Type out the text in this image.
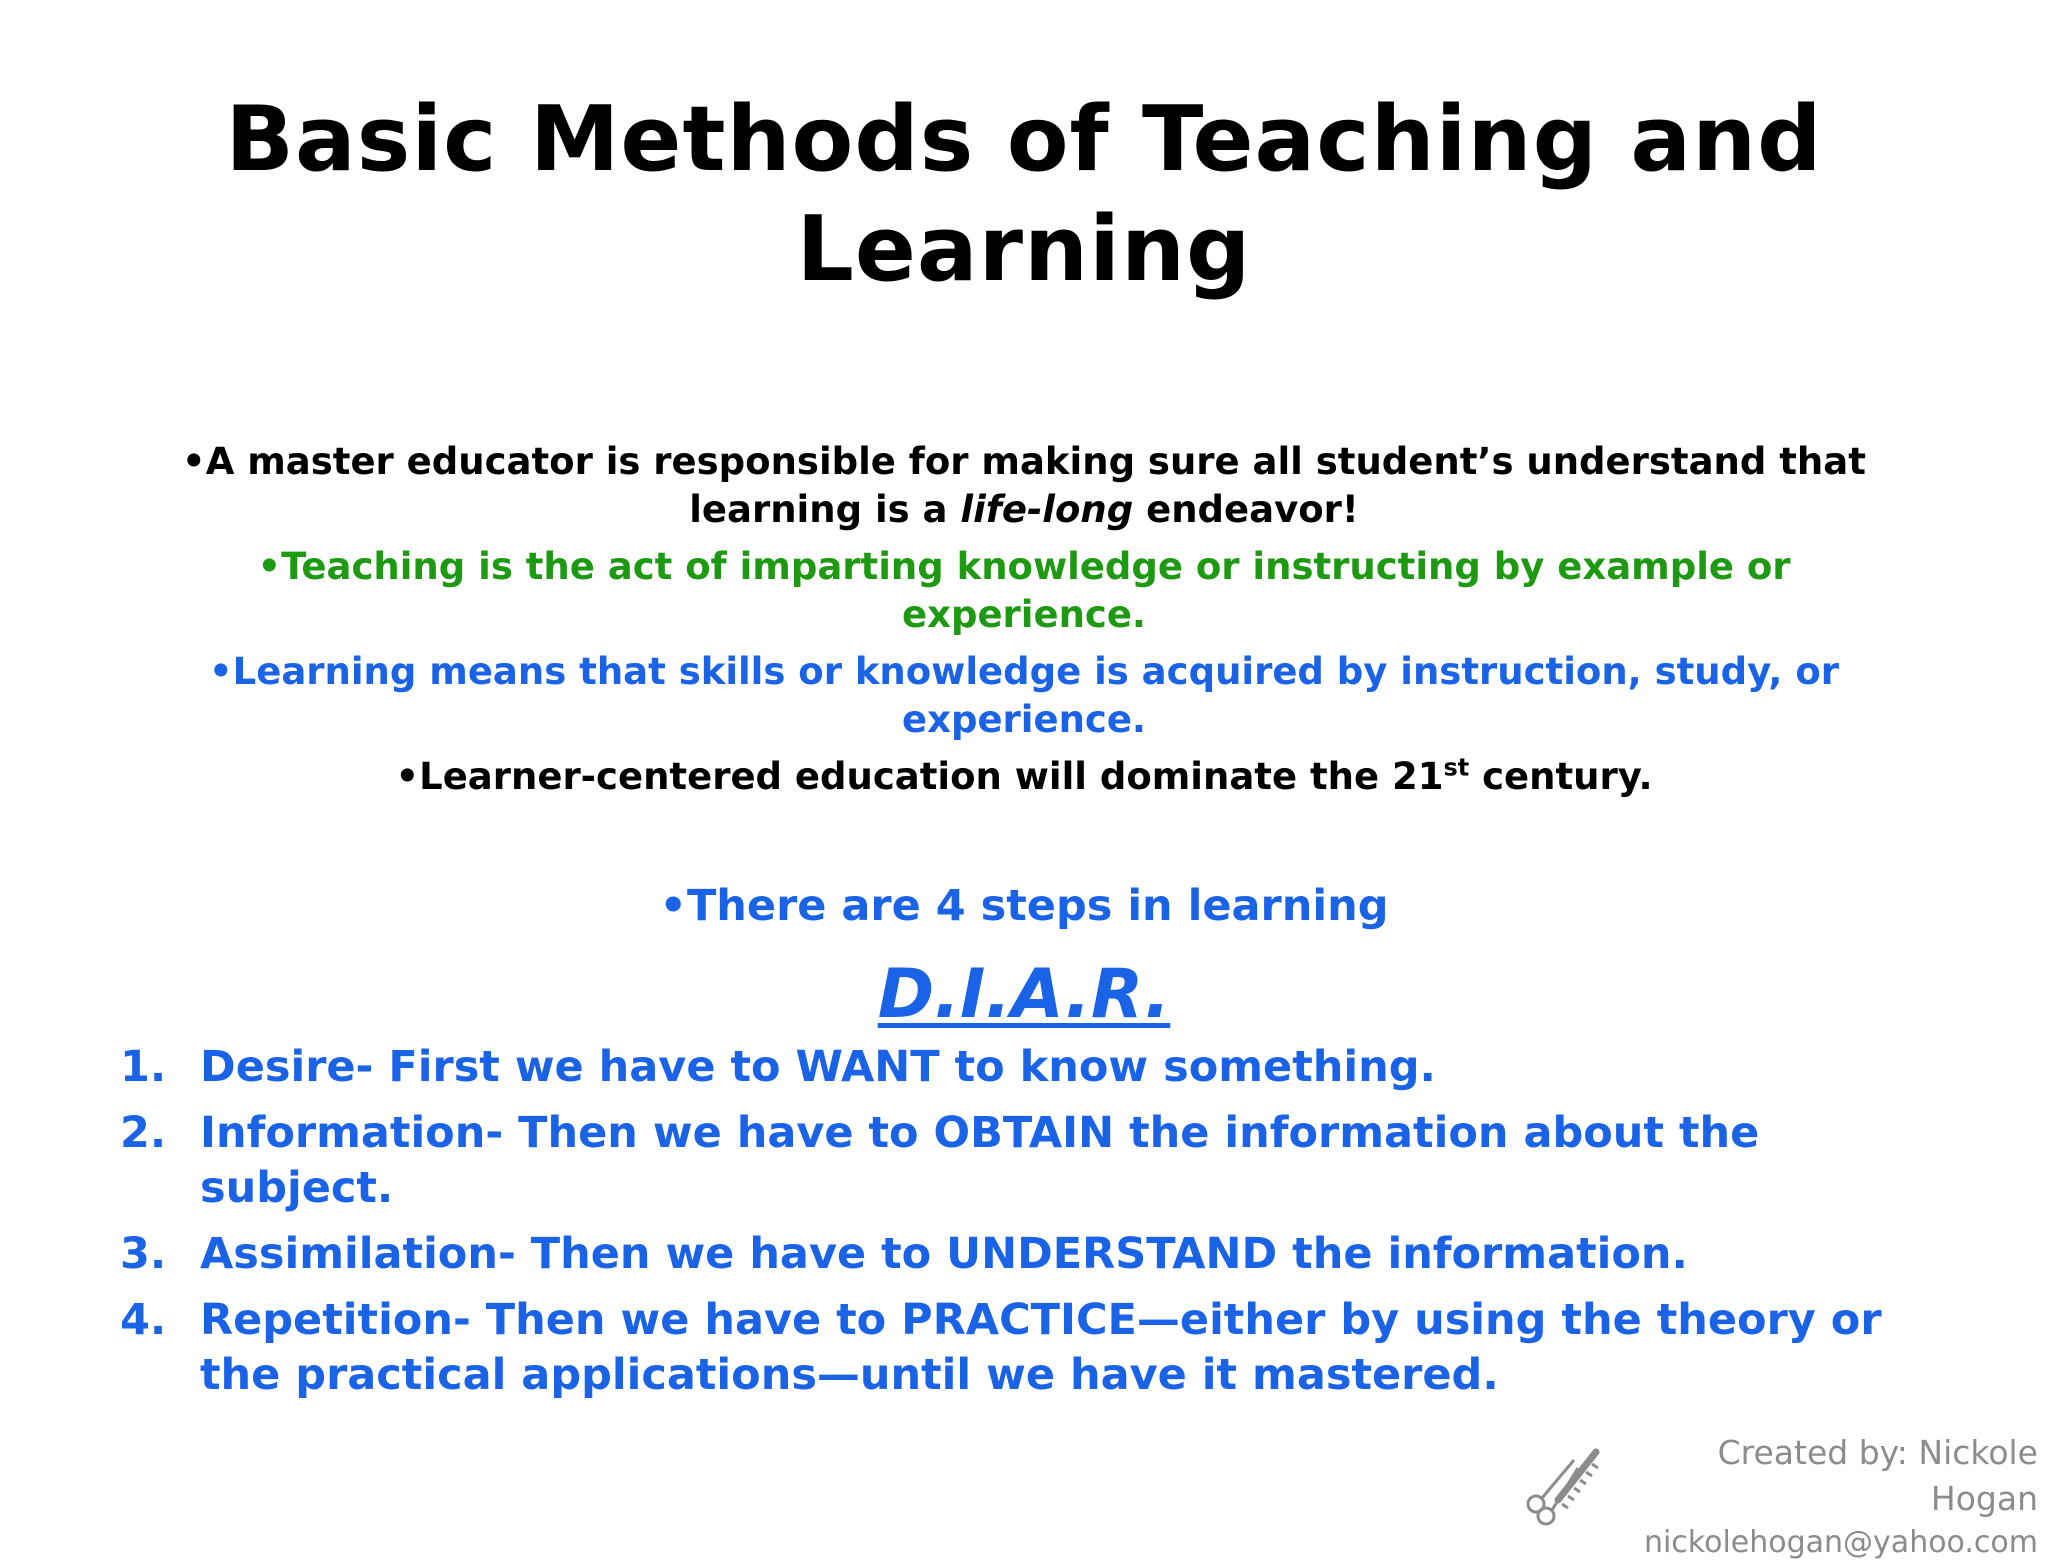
Basic Methods of Teaching and
Learning
•A master educator is responsible for making sure all student’s understand that learning is a life-long endeavor!
•Teaching is the act of imparting knowledge or instructing by example or experience.
•Learning means that skills or knowledge is acquired by instruction, study, or experience.
•Learner-centered education will dominate the 21st century.
•There are 4 steps in learning
D.I.A.R.
1. Desire- First we have to WANT to know something.
2. Information- Then we have to OBTAIN the information about the subject.
3. Assimilation- Then we have to UNDERSTAND the information.
4. Repetition- Then we have to PRACTICE—either by using the theory or the practical applications—until we have it mastered.
Created by: Nickole Hogan
nickolehogan@yahoo.com
